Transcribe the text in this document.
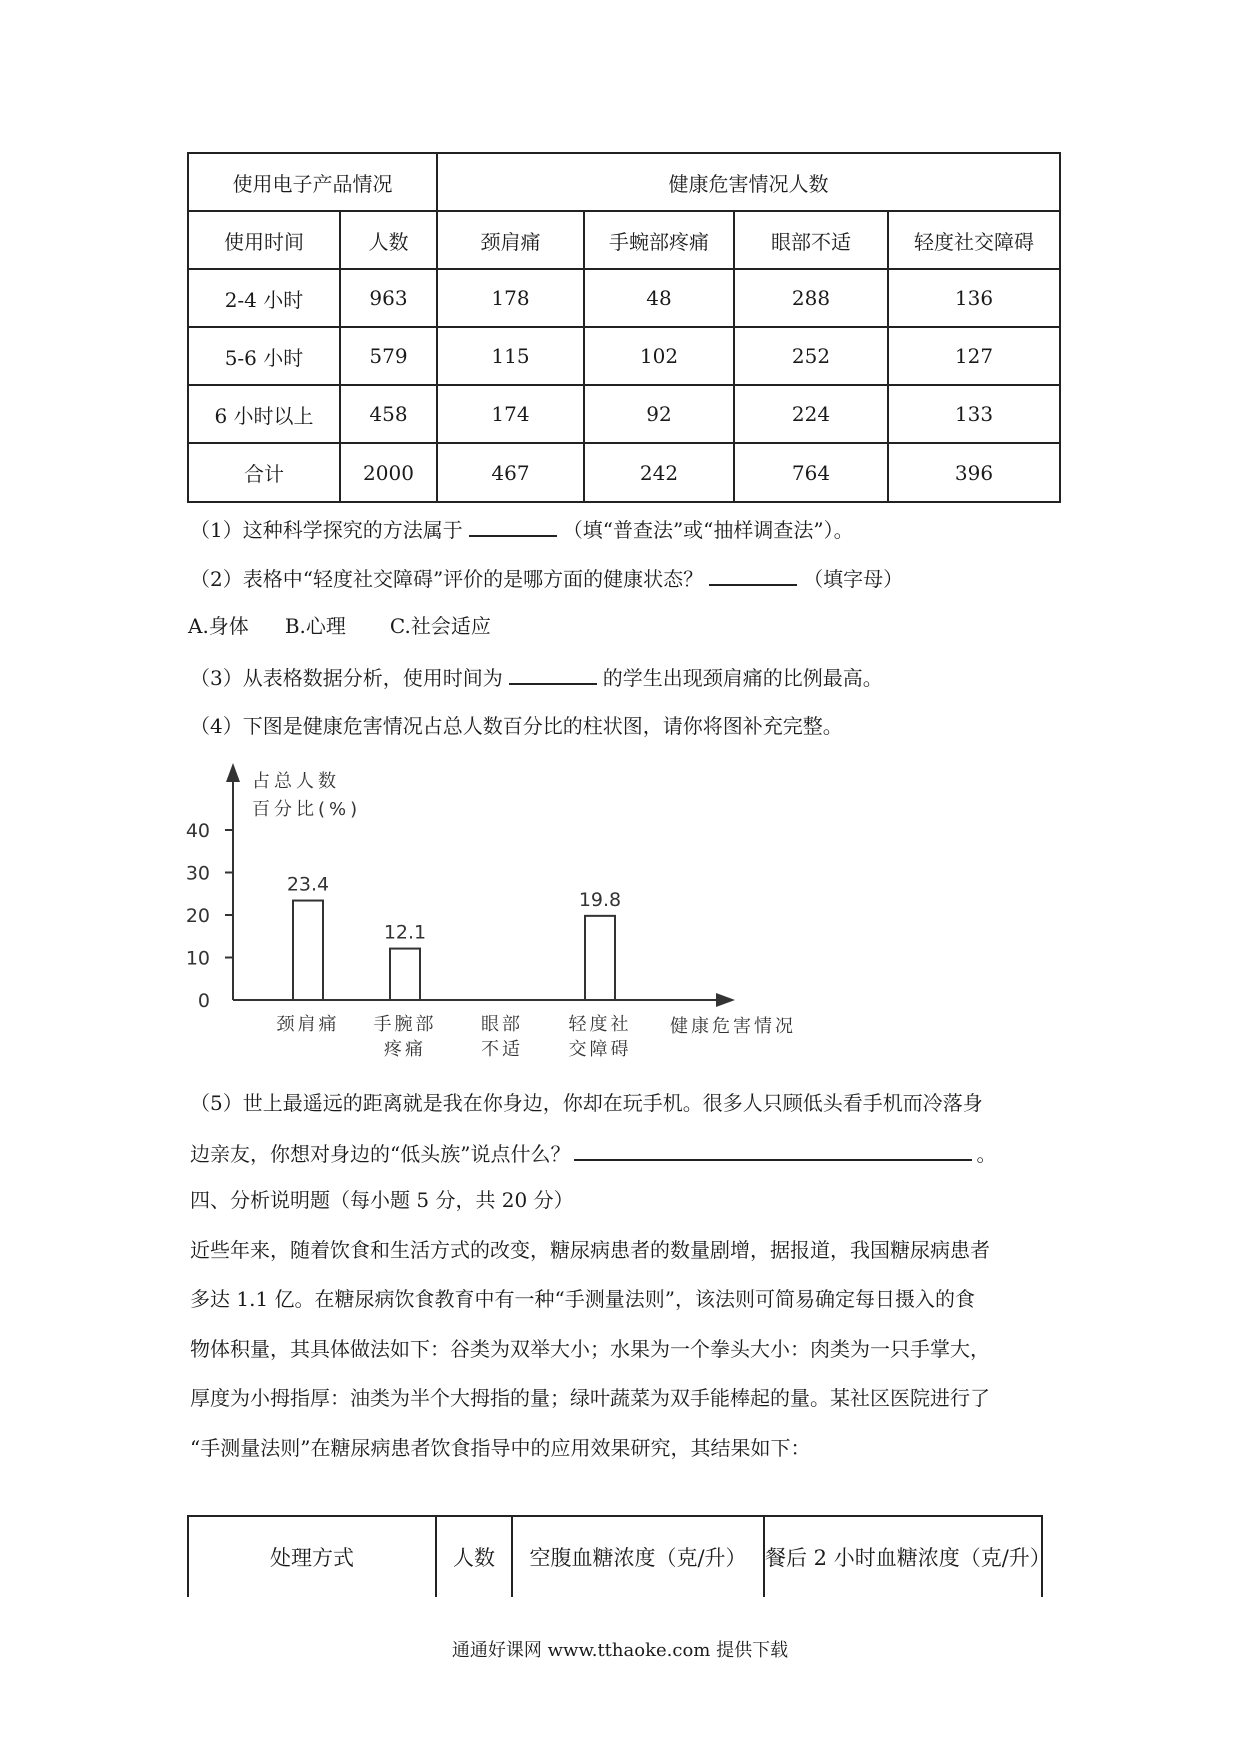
使用电子产品情况		健康危害情况人数			
使用时间	人数	颈肩痛	手蜿部疼痛	眼部不适	轻度社交障碍
2-4 小时	963	178	48	288	136
5-6 小时	579	115	102	252	127
6 小时以上	458	174	92	224	133
合计	2000	467	242	764	396
（1）这种科学探究的方法属于	（填“普查法”或“抽样调查法”）。
（2）表格中“轻度社交障碍”评价的是哪方面的健康状态？	（填字母）
A.身体 B.心理 C.社会适应
（3）从表格数据分析，使用时间为	的学生出现颈肩痛的比例最高。
（4）下图是健康危害情况占总人数百分比的柱状图，请你将图补充完整。
占总人数
百分比(%)
0
10
20
30
40
23.4
颈肩痛
12.1
手腕部
疼痛
眼部
不适
19.8
轻度社
交障碍
健康危害情况
（5）世上最遥远的距离就是我在你身边，你却在玩手机。很多人只顾低头看手机而冷落身
边亲友，你想对身边的“低头族”说点什么？	。
四、分析说明题（每小题 5 分，共 20 分）
近些年来，随着饮食和生活方式的改变，糖尿病患者的数量剧增，据报道，我国糖尿病患者
多达 1.1 亿。在糖尿病饮食教育中有一种“手测量法则”，该法则可简易确定每日摄入的食
物体积量，其具体做法如下：谷类为双举大小；水果为一个拳头大小：肉类为一只手掌大，
厚度为小拇指厚：油类为半个大拇指的量；绿叶蔬菜为双手能棒起的量。某社区医院进行了
“手测量法则”在糖尿病患者饮食指导中的应用效果研究，其结果如下：
处理方式	人数	空腹血糖浓度（克/升）	餐后 2 小时血糖浓度（克/升）
通通好课网 www.tthaoke.com 提供下载
